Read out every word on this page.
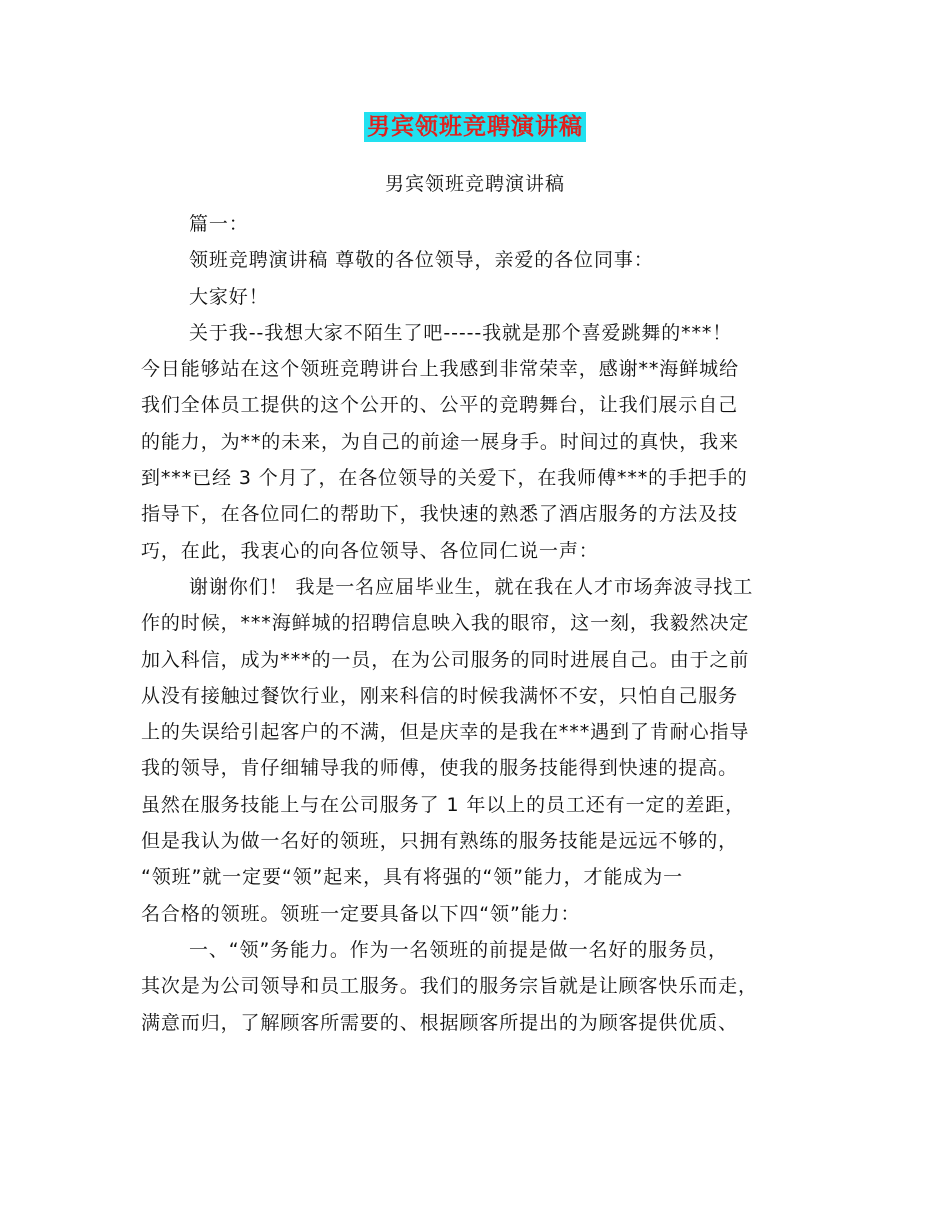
男宾领班竞聘演讲稿
男宾领班竞聘演讲稿
篇一：
领班竞聘演讲稿 尊敬的各位领导，亲爱的各位同事：
大家好！
关于我--我想大家不陌生了吧-----我就是那个喜爱跳舞的***！
今日能够站在这个领班竞聘讲台上我感到非常荣幸，感谢**海鲜城给
我们全体员工提供的这个公开的、公平的竞聘舞台，让我们展示自己
的能力，为**的未来，为自己的前途一展身手。时间过的真快，我来
到***已经 3 个月了，在各位领导的关爱下，在我师傅***的手把手的
指导下，在各位同仁的帮助下，我快速的熟悉了酒店服务的方法及技
巧，在此，我衷心的向各位领导、各位同仁说一声：
谢谢你们！ 我是一名应届毕业生，就在我在人才市场奔波寻找工
作的时候，***海鲜城的招聘信息映入我的眼帘，这一刻，我毅然决定
加入科信，成为***的一员，在为公司服务的同时进展自己。由于之前
从没有接触过餐饮行业，刚来科信的时候我满怀不安，只怕自己服务
上的失误给引起客户的不满，但是庆幸的是我在***遇到了肯耐心指导
我的领导，肯仔细辅导我的师傅，使我的服务技能得到快速的提高。
虽然在服务技能上与在公司服务了 1 年以上的员工还有一定的差距，
但是我认为做一名好的领班，只拥有熟练的服务技能是远远不够的，
“领班”就一定要“领”起来，具有将强的“领”能力，才能成为一
名合格的领班。领班一定要具备以下四“领”能力：
一、“领”务能力。作为一名领班的前提是做一名好的服务员，
其次是为公司领导和员工服务。我们的服务宗旨就是让顾客快乐而走，
满意而归，了解顾客所需要的、根据顾客所提出的为顾客提供优质、
